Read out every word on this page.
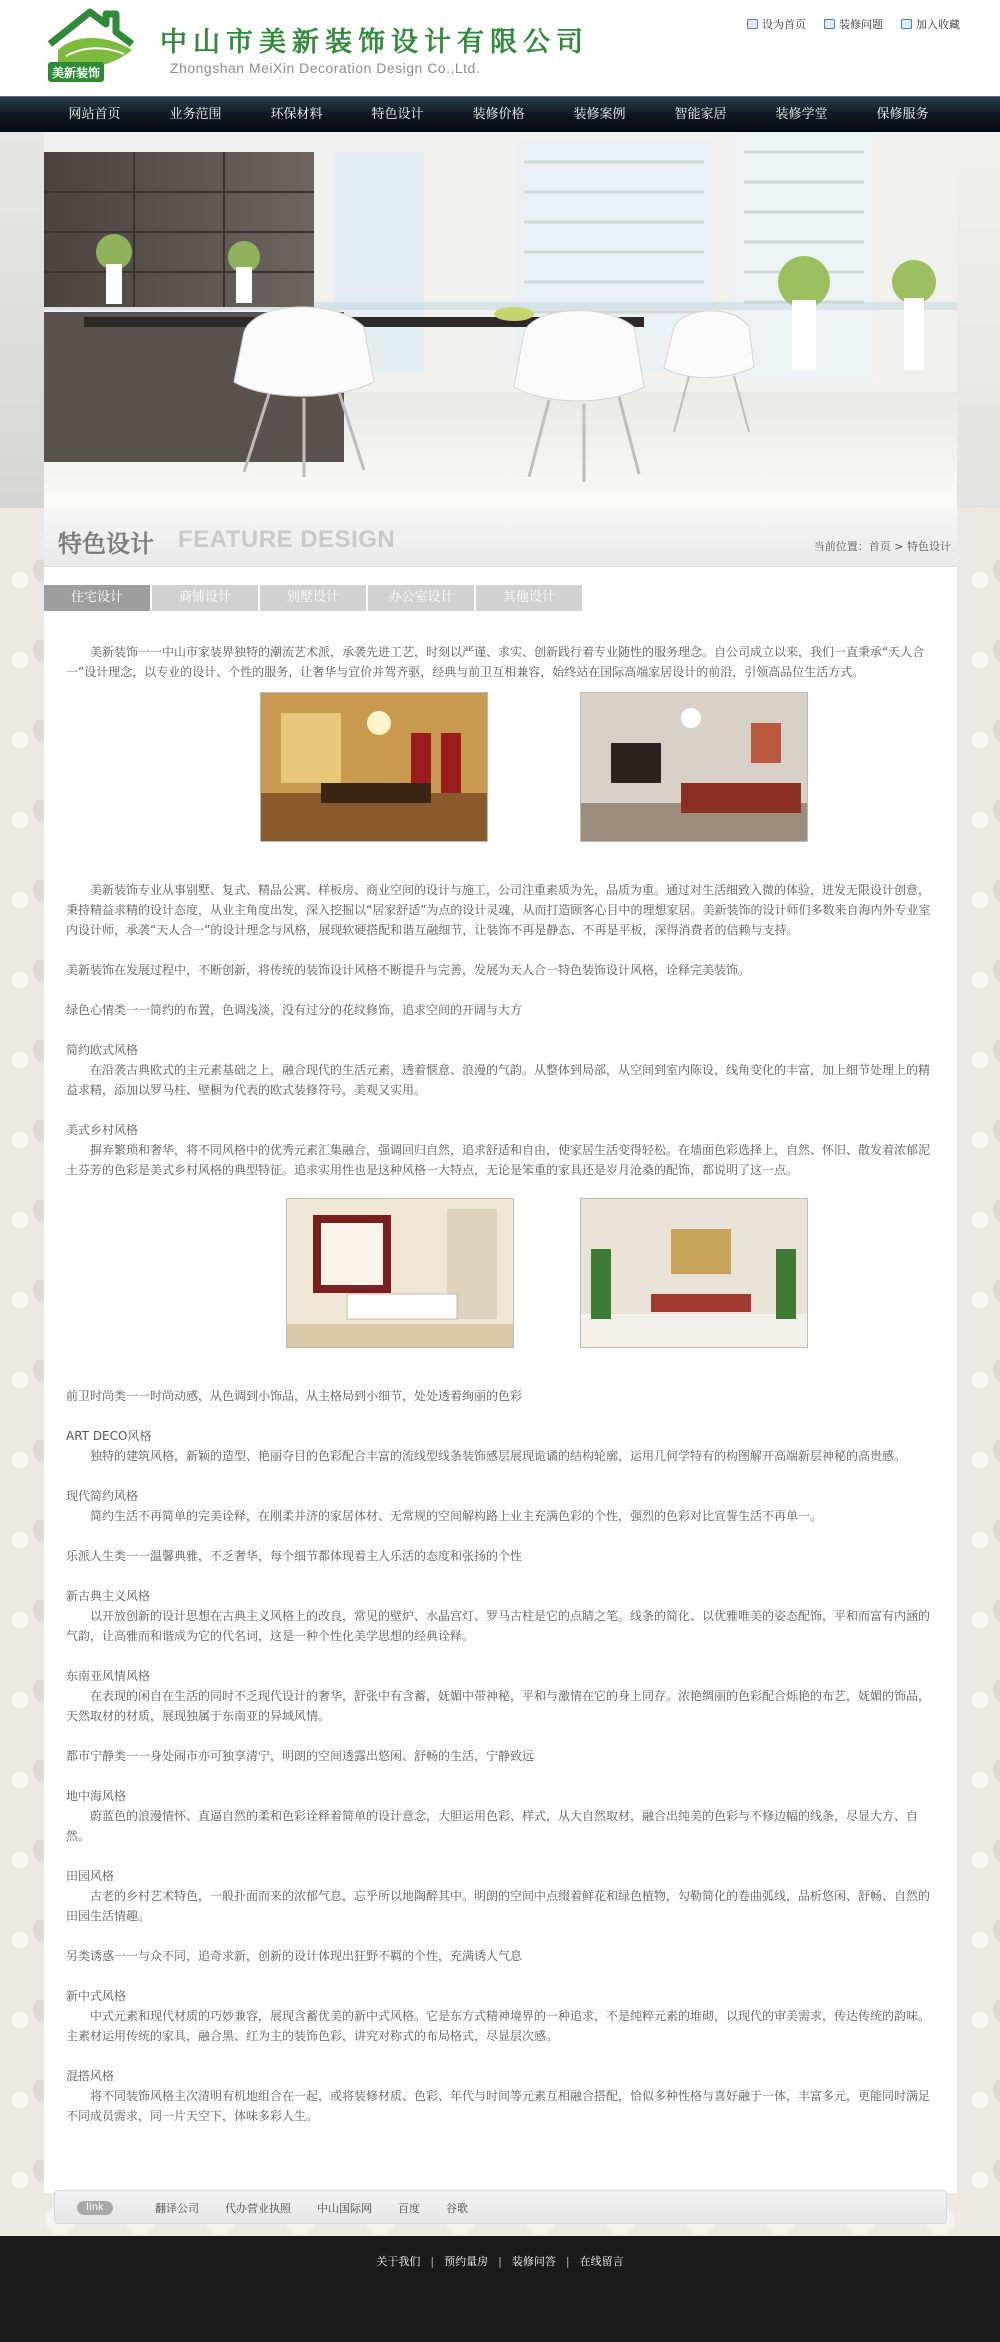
美新装饰
中山市美新装饰设计有限公司
Zhongshan MeiXin Decoration Design Co.,Ltd.
设为首页	装修问题	加入收藏
网站首页	业务范围	环保材料	特色设计	装修价格	装修案例	智能家居	装修学堂	保修服务
特色设计 FEATURE DESIGN	当前位置：首页 > 特色设计
住宅设计	商铺设计	别墅设计	办公室设计	其他设计

美新装饰一一中山市家装界独特的潮流艺术派，承袭先进工艺，时刻以严谨、求实、创新践行着专业随性的服务理念。自公司成立以来，我们一直秉承“天人合一”设计理念，以专业的设计、个性的服务，让奢华与宜价并驾齐驱，经典与前卫互相兼容，始终站在国际高端家居设计的前沿，引领高品位生活方式。

美新装饰专业从事别墅、复式、精品公寓、样板房、商业空间的设计与施工，公司注重素质为先，品质为重。通过对生活细致入微的体验，迸发无限设计创意，秉持精益求精的设计态度，从业主角度出发，深入挖掘以“居家舒适”为点的设计灵魂，从而打造顾客心目中的理想家居。美新装饰的设计师们多数来自海内外专业室内设计师，承袭“天人合一”的设计理念与风格，展现软硬搭配和谐互融细节，让装饰不再是静态、不再是平板，深得消费者的信赖与支持。

美新装饰在发展过程中，不断创新，将传统的装饰设计风格不断提升与完善，发展为天人合一特色装饰设计风格，诠释完美装饰。

绿色心情类一一简约的布置，色调浅淡，没有过分的花纹修饰，追求空间的开阔与大方

简约欧式风格

在沿袭古典欧式的主元素基础之上，融合现代的生活元素，透着惬意、浪漫的气韵。从整体到局部，从空间到室内陈设，线角变化的丰富，加上细节处理上的精益求精，添加以罗马柱、壁橱为代表的欧式装修符号，美观又实用。

美式乡村风格

摒弃繁琐和奢华，将不同风格中的优秀元素汇集融合，强调回归自然，追求舒适和自由，使家居生活变得轻松。在墙面色彩选择上，自然、怀旧、散发着浓郁泥土芬芳的色彩是美式乡村风格的典型特征。追求实用性也是这种风格一大特点，无论是笨重的家具还是岁月沧桑的配饰，都说明了这一点。

前卫时尚类一一时尚动感，从色调到小饰品，从主格局到小细节，处处透着绚丽的色彩

ART DECO风格

独特的建筑风格，新颖的造型、艳丽夺目的色彩配合丰富的流线型线条装饰感层展现诡谲的结构轮廓，运用几何学特有的构图解开高端新层神秘的高贵感。

现代简约风格

简约生活不再简单的完美诠释，在刚柔并济的家居体材、无常规的空间解构路上业主充满色彩的个性，强烈的色彩对比宣誓生活不再单一。

乐派人生类一一温馨典雅，不乏奢华，每个细节都体现着主人乐活的态度和张扬的个性

新古典主义风格

以开放创新的设计思想在古典主义风格上的改良，常见的壁炉、水晶宫灯、罗马古柱是它的点睛之笔。线条的简化、以优雅唯美的姿态配饰，平和而富有内涵的气韵，让高雅而和谐成为它的代名词，这是一种个性化美学思想的经典诠释。

东南亚风情风格

在表现的闲自在生活的同时不乏现代设计的奢华，舒张中有含蓄，妩媚中带神秘，平和与激情在它的身上同存。浓艳绸丽的色彩配合烁艳的布艺，妩媚的饰品，天然取材的材质，展现独属于东南亚的异域风情。

都市宁静类一一身处闹市亦可独享清宁，明朗的空间透露出悠闲、舒畅的生活，宁静致远

地中海风格

蔚蓝色的浪漫情怀、直逼自然的柔和色彩诠释着简单的设计意念，大胆运用色彩、样式，从大自然取材，融合出纯美的色彩与不修边幅的线条，尽显大方、自然。

田园风格

古老的乡村艺术特色，一般扑面而来的浓郁气息，忘乎所以地陶醉其中。明朗的空间中点缀着鲜花和绿色植物，勾勒简化的卷曲弧线，品析悠闲、舒畅、自然的田园生活情趣。

另类诱惑一一与众不同，追奇求新，创新的设计体现出狂野不羁的个性，充满诱人气息

新中式风格

中式元素和现代材质的巧妙兼容，展现含蓄优美的新中式风格。它是东方式精神境界的一种追求，不是纯粹元素的堆砌，以现代的审美需求，传达传统的韵味。主素材运用传统的家具，融合黑、红为主的装饰色彩，讲究对称式的布局格式，尽显层次感。

混搭风格

将不同装饰风格主次清明有机地组合在一起，或将装修材质、色彩、年代与时间等元素互相融合搭配，恰似多种性格与喜好融于一体，丰富多元，更能同时满足不同成员需求，同一片天空下，体味多彩人生。

link	翻译公司 代办营业执照 中山国际网 百度 谷歌
关于我们 | 预约量房 | 装修问答 | 在线留言
